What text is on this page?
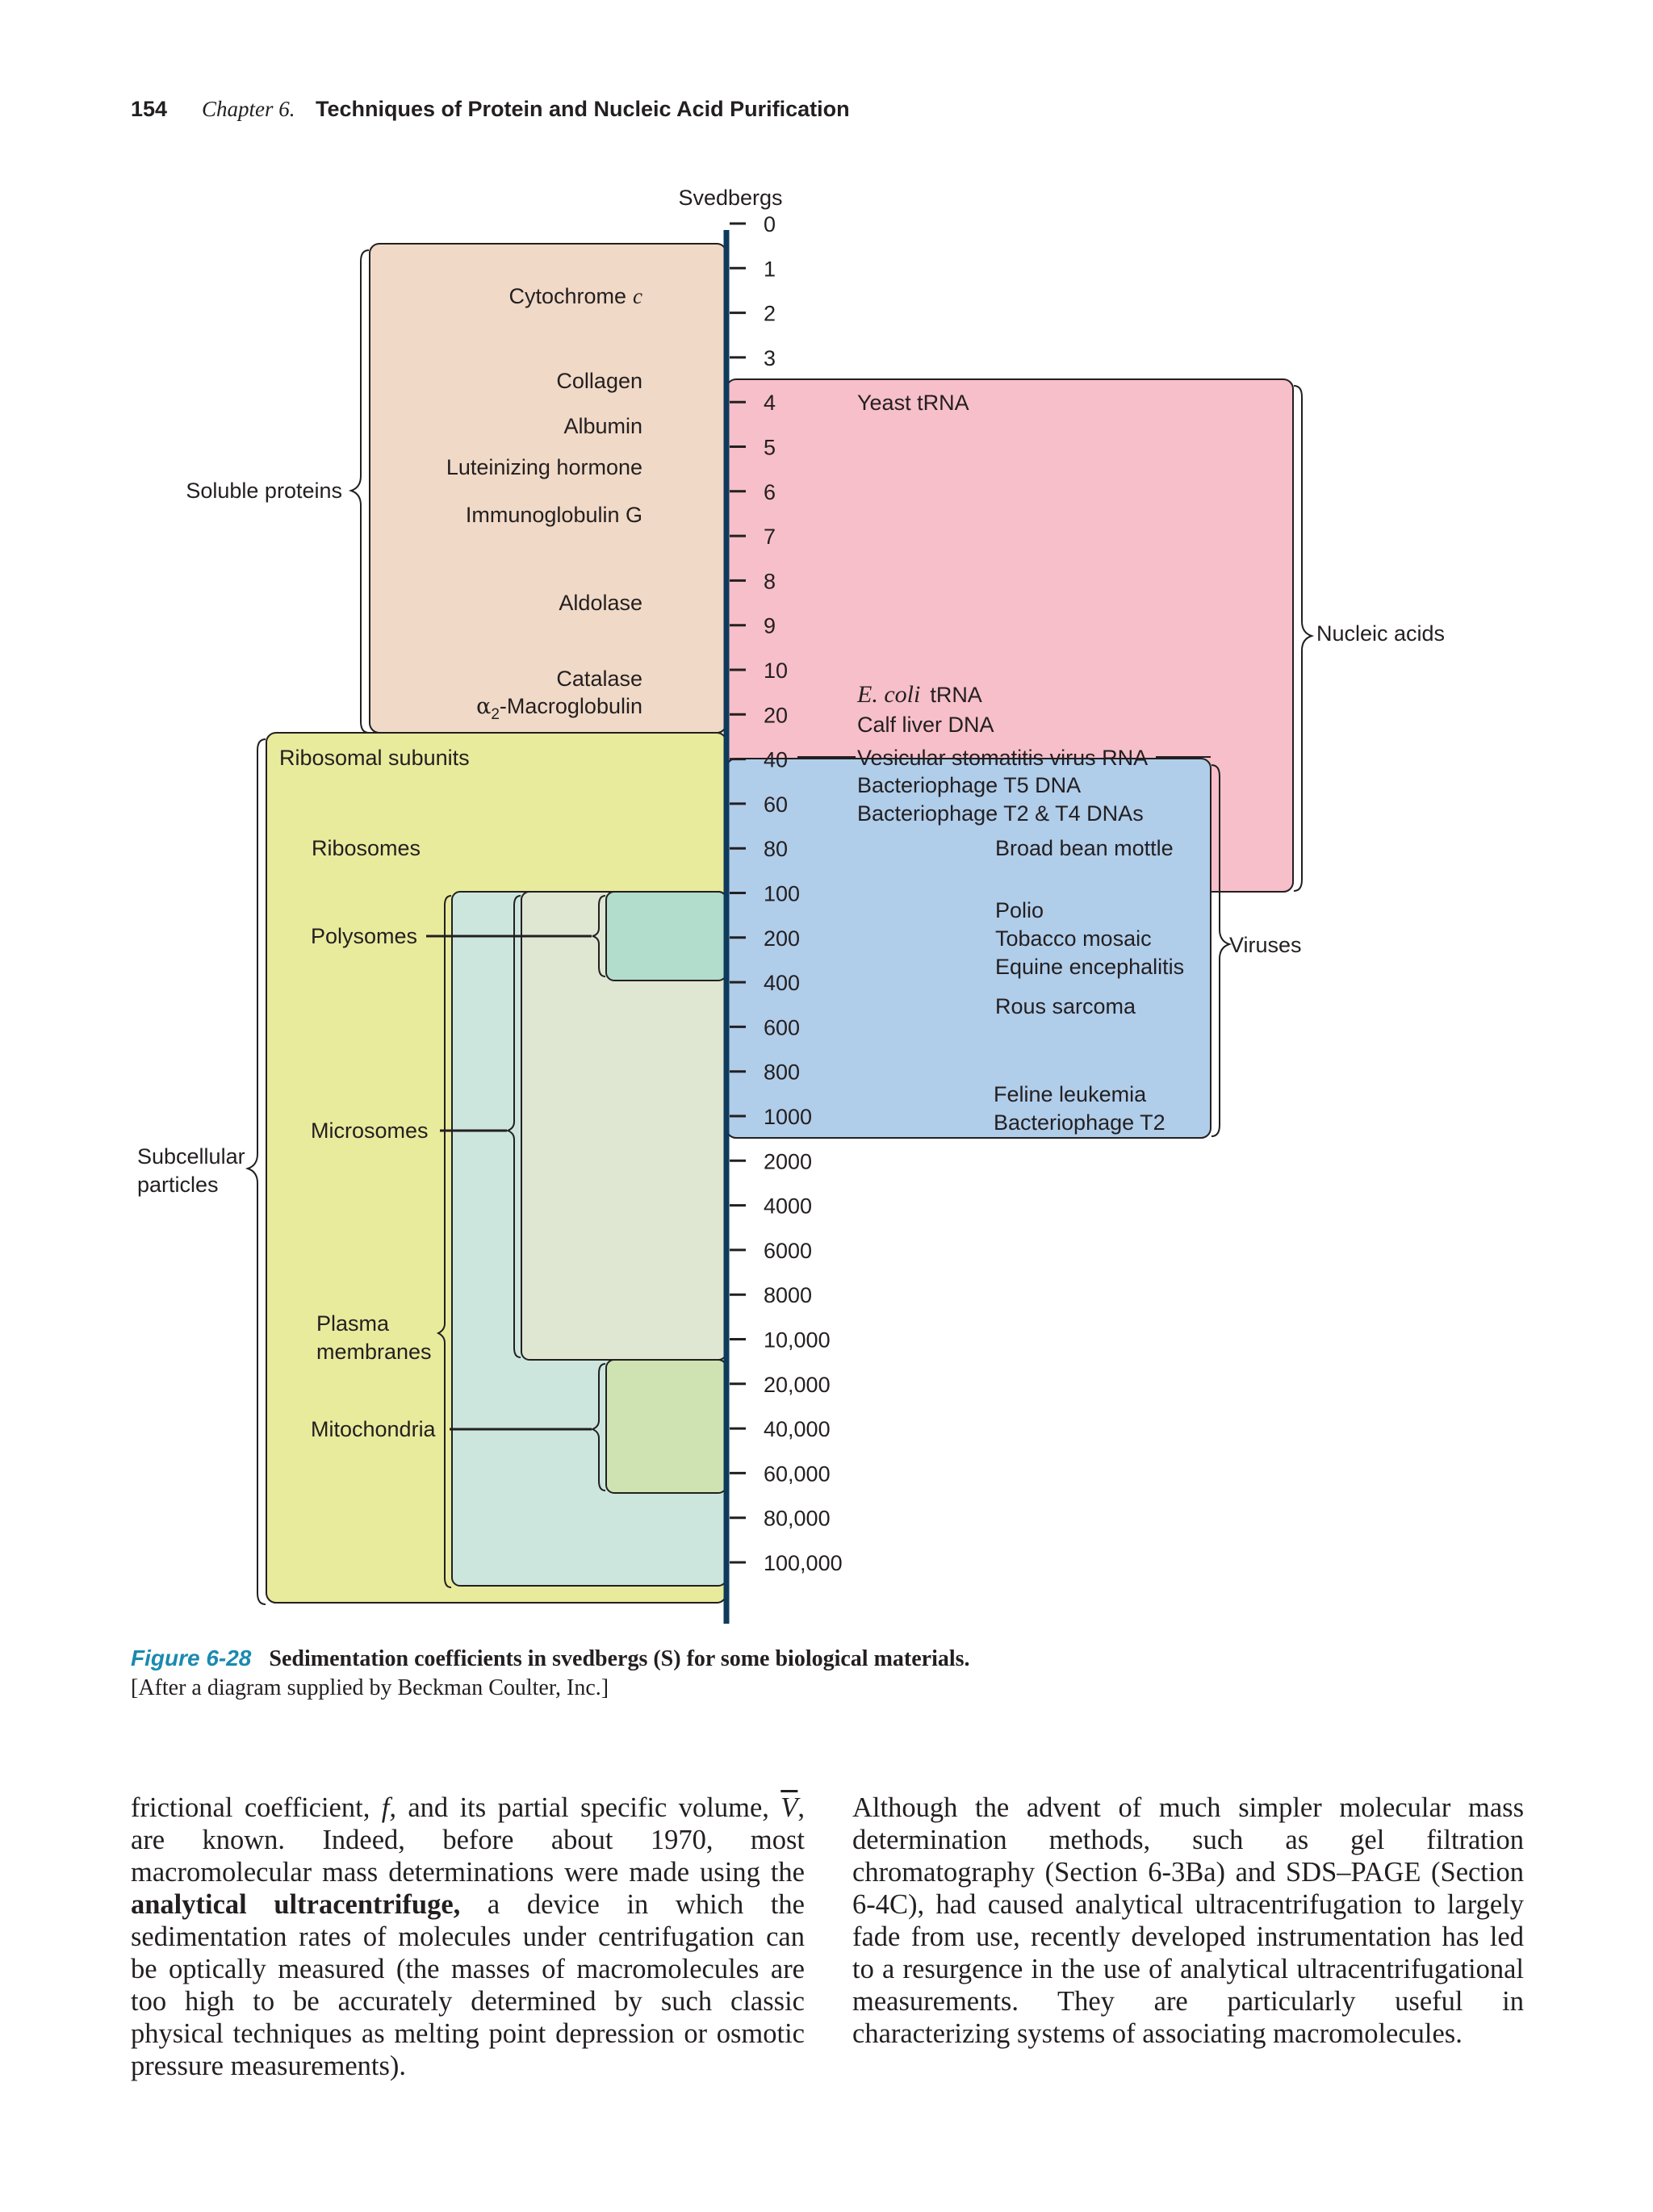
154 Chapter 6. Techniques of Protein and Nucleic Acid Purification
Svedbergs
0
1
2
3
4
5
6
7
8
9
10
20
40
60
80
100
200
400
600
800
1000
2000
4000
6000
8000
10,000
20,000
40,000
60,000
80,000
100,000
Soluble proteins
Cytochrome c
Collagen
Albumin
Luteinizing hormone
Immunoglobulin G
Aldolase
Catalase
$\alpha_2$-Macroglobulin
Nucleic acids
Yeast tRNA
E. coli tRNA
Calf liver DNA
Vesicular stomatitis virus RNA
Bacteriophage T5 DNA
Bacteriophage T2 & T4 DNAs
Viruses
Broad bean mottle
Polio
Tobacco mosaic
Equine encephalitis
Rous sarcoma
Feline leukemia
Bacteriophage T2
Subcellular
particles
Ribosomal subunits
Ribosomes
Polysomes
Microsomes
Plasma
membranes
Mitochondria
Figure 6-28 Sedimentation coefficients in svedbergs (S) for some biological materials.
[After a diagram supplied by Beckman Coulter, Inc.]

frictional coefficient, f, and its partial specific volume, $\overline{V}$, are known. Indeed, before about 1970, most macromolecular mass determinations were made using the analytical ultracentrifuge, a device in which the sedimentation rates of molecules under centrifugation can be optically measured (the masses of macromolecules are too high to be accurately determined by such classic physical techniques as melting point depression or osmotic pressure measurements).

Although the advent of much simpler molecular mass determination methods, such as gel filtration chromatography (Section 6-3Ba) and SDS–PAGE (Section 6-4C), had caused analytical ultracentrifugation to largely fade from use, recently developed instrumentation has led to a resurgence in the use of analytical ultracentrifugational measurements. They are particularly useful in characterizing systems of associating macromolecules.
